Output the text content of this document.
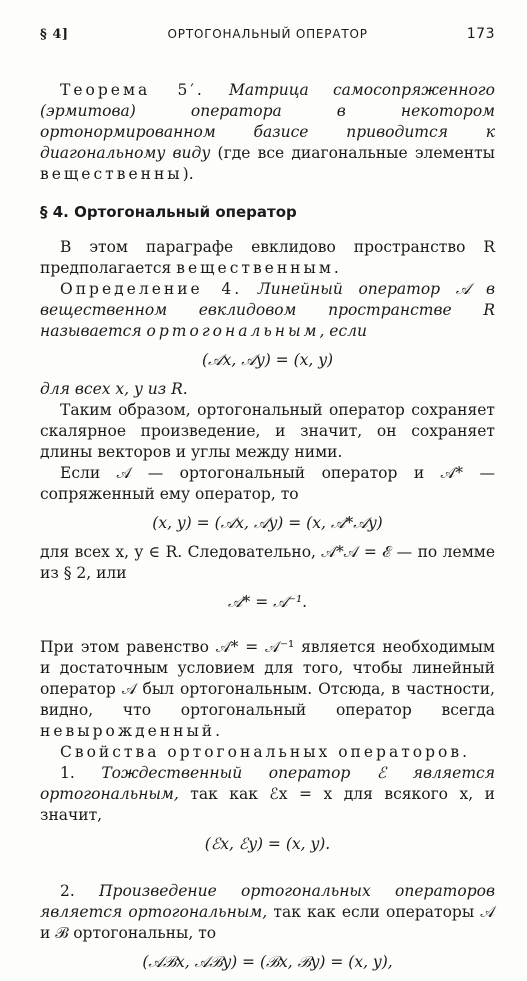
§ 4]	ОРТОГОНАЛЬНЫЙ ОПЕРАТОР	173

Теорема 5′. Матрица самосопряженного (эрмитова) оператора в некотором ортонормированном базисе приводится к диагональному виду (где все диагональные элементы вещественны).

§ 4. Ортогональный оператор

В этом параграфе евклидово пространство R предполагается вещественным.

Определение 4. Линейный оператор 𝒜 в вещественном евклидовом пространстве R называется ортогональным, если

(𝒜x, 𝒜y) = (x, y)

для всех x, y из R.

Таким образом, ортогональный оператор сохраняет скалярное произведение, и значит, он сохраняет длины векторов и углы между ними.

Если 𝒜 — ортогональный оператор и 𝒜* — сопряженный ему оператор, то

(x, y) = (𝒜x, 𝒜y) = (x, 𝒜*𝒜y)

для всех x, y ∈ R. Следовательно, 𝒜*𝒜 = ℰ — по лемме из § 2, или

𝒜* = 𝒜⁻¹.

При этом равенство 𝒜* = 𝒜⁻¹ является необходимым и достаточным условием для того, чтобы линейный оператор 𝒜 был ортогональным. Отсюда, в частности, видно, что ортогональный оператор всегда невырожденный.

Свойства ортогональных операторов.

1. Тождественный оператор ℰ является ортогональным, так как ℰx = x для всякого x, и значит,

(ℰx, ℰy) = (x, y).

2. Произведение ортогональных операторов является ортогональным, так как если операторы 𝒜 и ℬ ортогональны, то

(𝒜ℬx, 𝒜ℬy) = (ℬx, ℬy) = (x, y),
